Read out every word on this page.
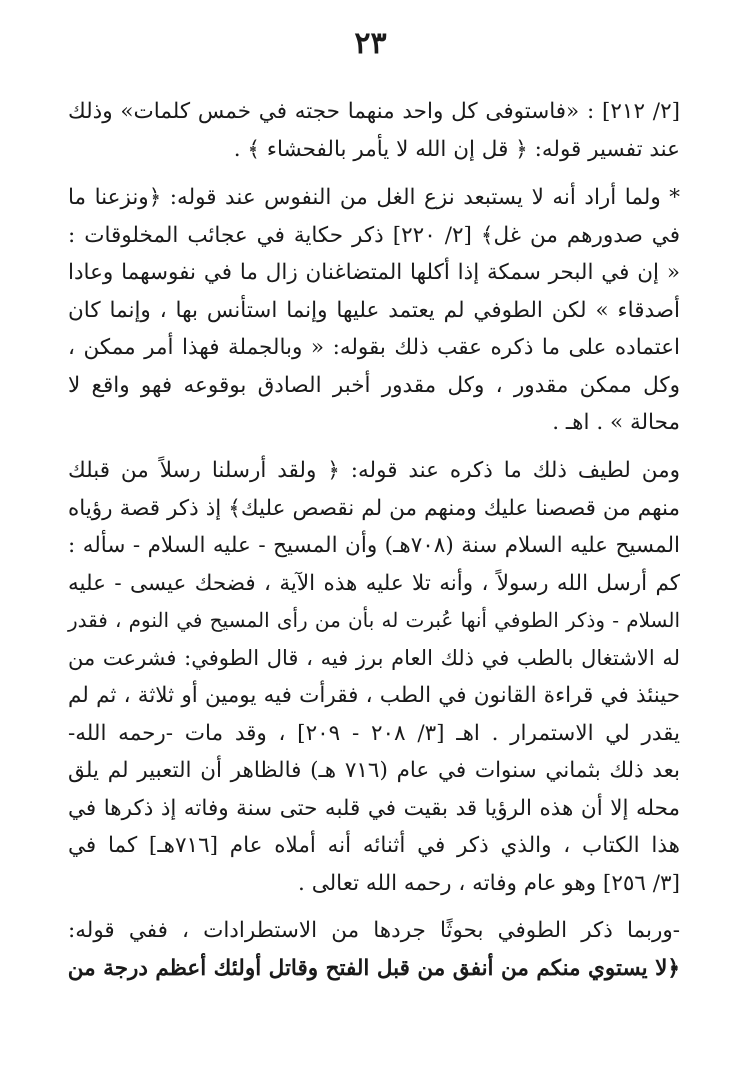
٢٣
[٢/ ٢١٢] : «فاستوفى كل واحد منهما حجته في خمس كلمات» وذلك
عند تفسير قوله: ﴿ قل إن الله لا يأمر بالفحشاء ﴾ .
* ولما أراد أنه لا يستبعد نزع الغل من النفوس عند قوله: ﴿ونزعنا ما
في صدورهم من غل﴾ [٢/ ٢٢٠] ذكر حكاية في عجائب المخلوقات :
« إن في البحر سمكة إذا أكلها المتضاغنان زال ما في نفوسهما وعادا
أصدقاء » لكن الطوفي لم يعتمد عليها وإنما استأنس بها ، وإنما كان
اعتماده على ما ذكره عقب ذلك بقوله: « وبالجملة فهذا أمر ممكن ،
وكل ممكن مقدور ، وكل مقدور أخبر الصادق بوقوعه فهو واقع لا
محالة » . اهـ .
ومن لطيف ذلك ما ذكره عند قوله: ﴿ ولقد أرسلنا رسلاً من قبلك
منهم من قصصنا عليك ومنهم من لم نقصص عليك﴾ إذ ذكر قصة رؤياه
المسيح عليه السلام سنة (٧٠٨هـ) وأن المسيح - عليه السلام - سأله :
كم أرسل الله رسولاً ، وأنه تلا عليه هذه الآية ، فضحك عيسى - عليه
السلام - وذكر الطوفي أنها عُبرت له بأن من رأى المسيح في النوم ، فقدر
له الاشتغال بالطب في ذلك العام برز فيه ، قال الطوفي: فشرعت من
حينئذ في قراءة القانون في الطب ، فقرأت فيه يومين أو ثلاثة ، ثم لم
يقدر لي الاستمرار . اهـ [٣/ ٢٠٨ - ٢٠٩] ، وقد مات -رحمه الله-
بعد ذلك بثماني سنوات في عام (٧١٦ هـ) فالظاهر أن التعبير لم يلق
محله إلا أن هذه الرؤيا قد بقيت في قلبه حتى سنة وفاته إذ ذكرها في
هذا الكتاب ، والذي ذكر في أثنائه أنه أملاه عام [٧١٦هـ] كما في
[٣/ ٢٥٦] وهو عام وفاته ، رحمه الله تعالى .
-وربما ذكر الطوفي بحوثًا جردها من الاستطرادات ، ففي قوله:
﴿لا يستوي منكم من أنفق من قبل الفتح وقاتل أولئك أعظم درجة من
